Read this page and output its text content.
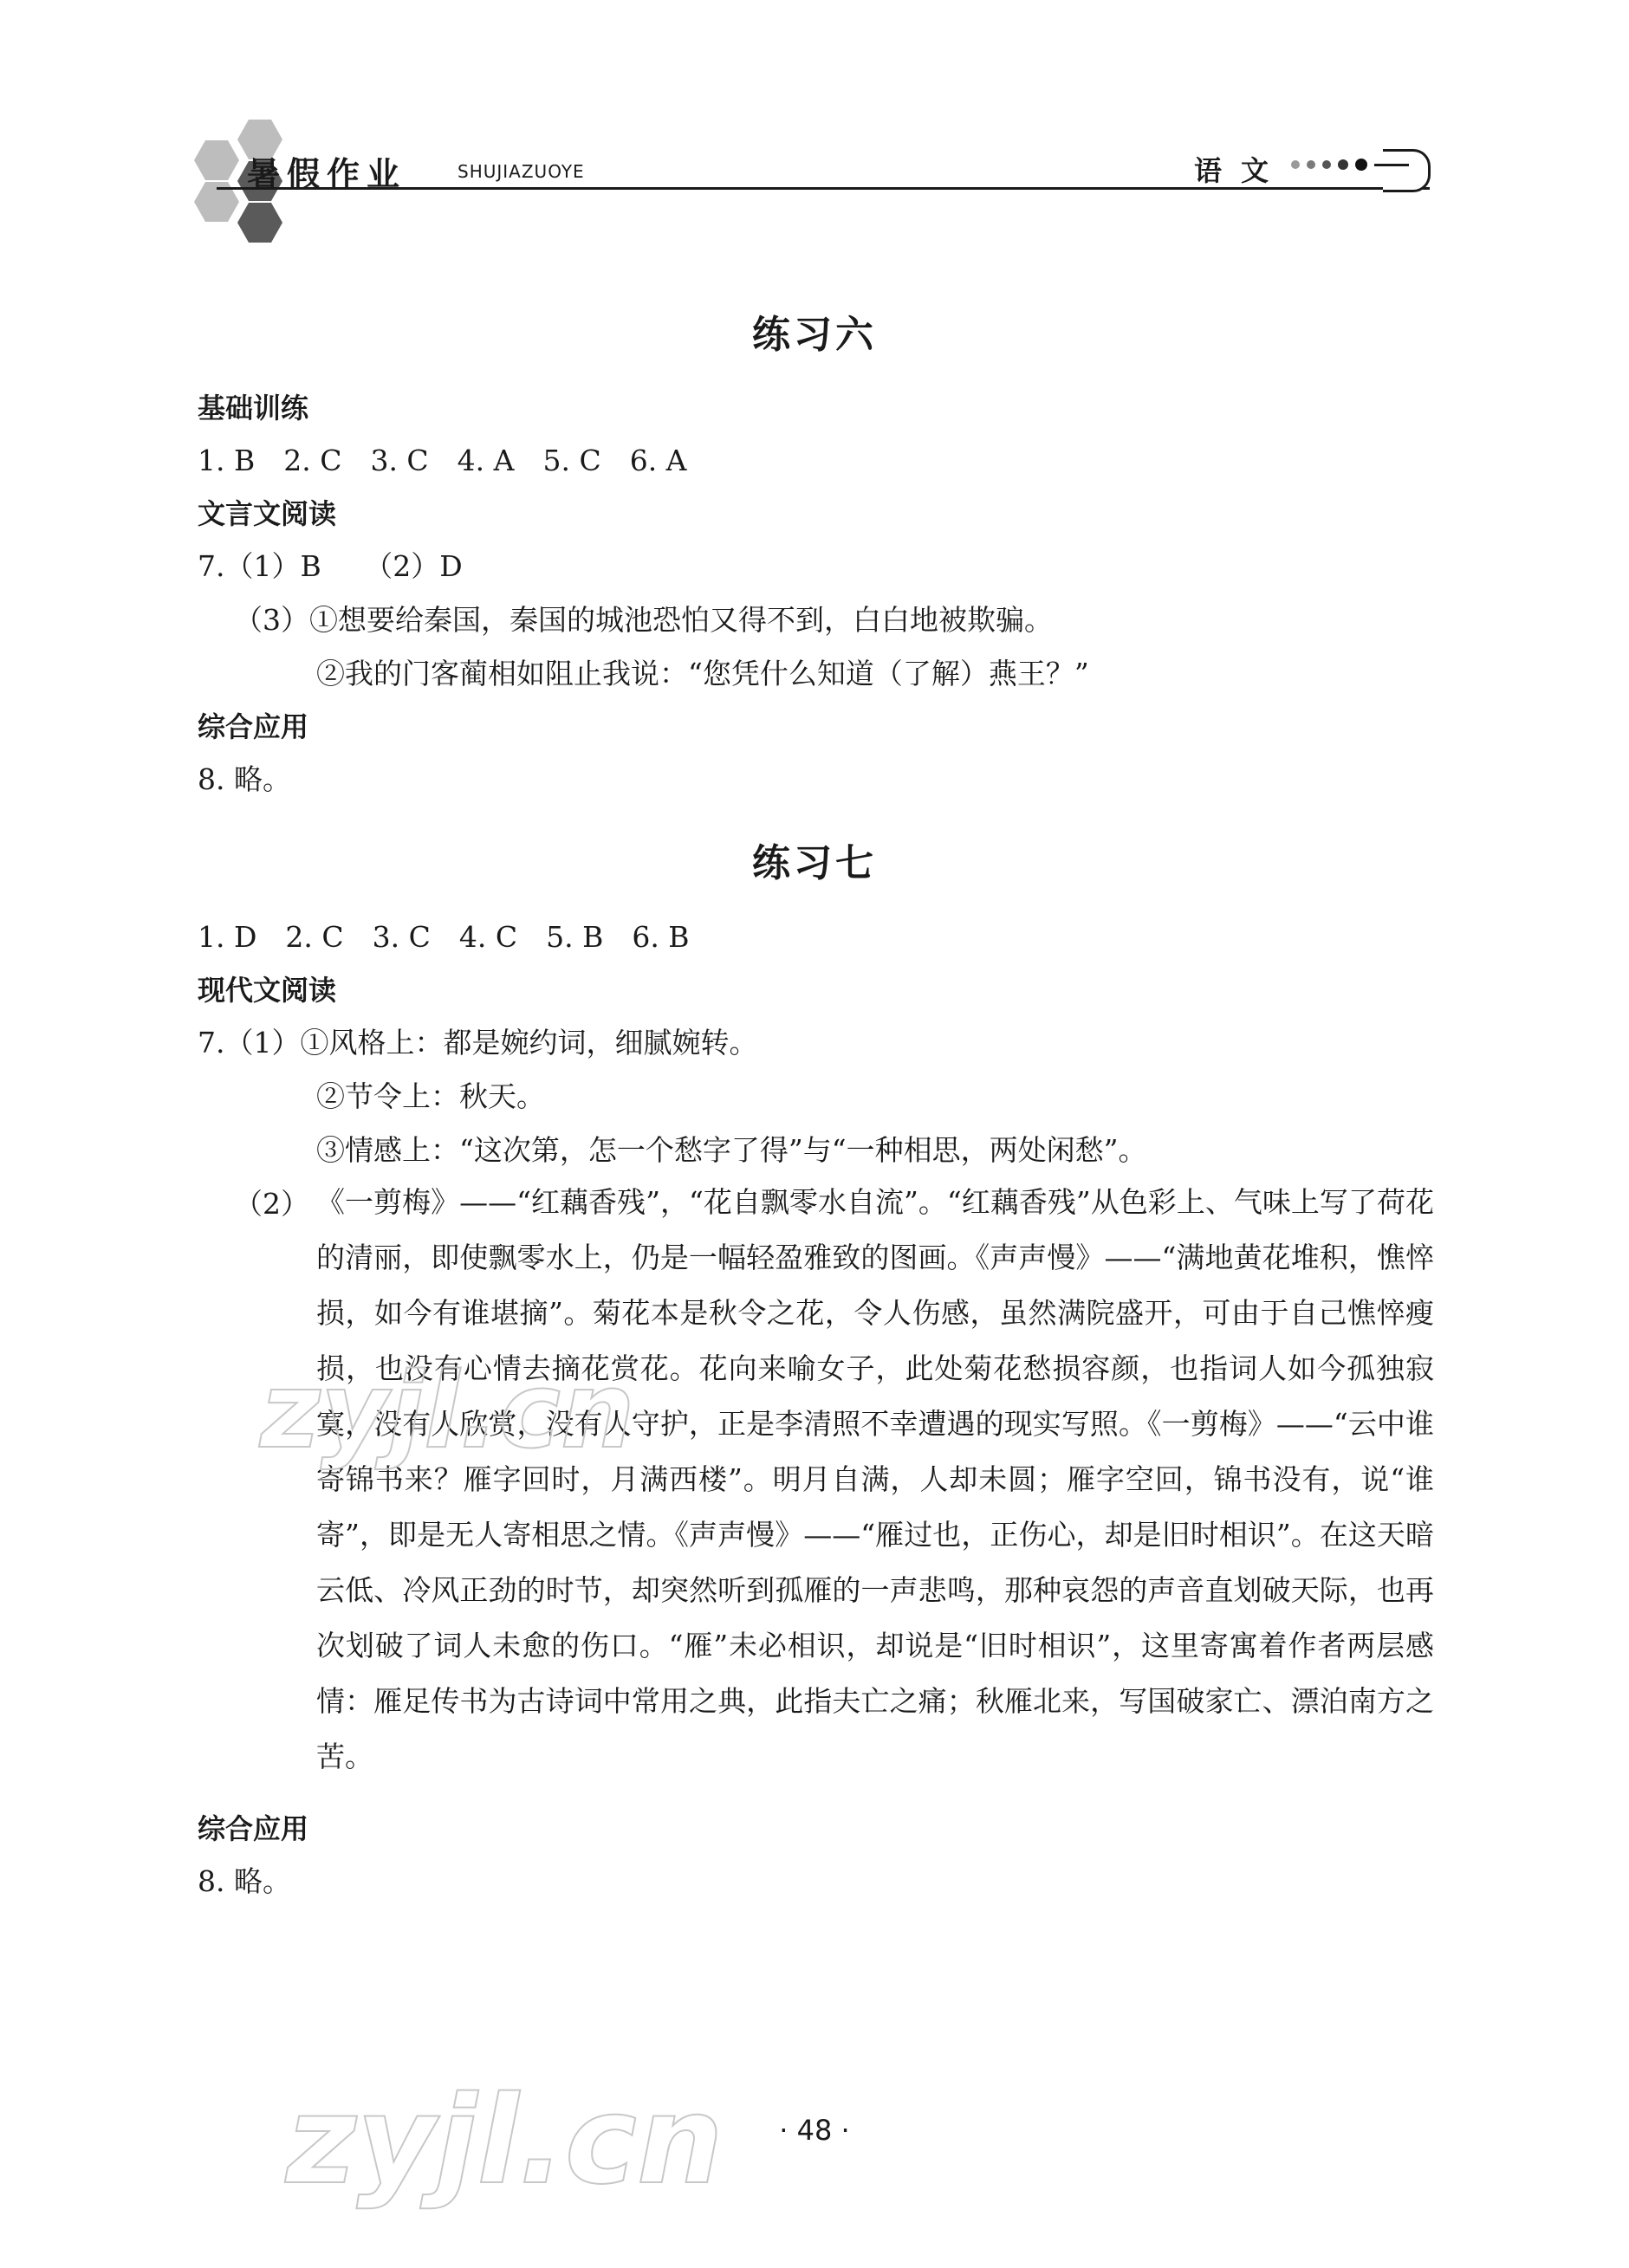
暑假作业	SHUJIAZUOYE	语文
练习六
基础训练
1. B　2. C　3. C　4. A　5. C　6. A
文言文阅读
7.（1）B　　（2）D
（3）①想要给秦国，秦国的城池恐怕又得不到，白白地被欺骗。
②我的门客蔺相如阻止我说：“您凭什么知道（了解）燕王？”
综合应用
8. 略。
练习七
1. D　2. C　3. C　4. C　5. B　6. B
现代文阅读
7.（1）①风格上：都是婉约词，细腻婉转。
②节令上：秋天。
③情感上：“这次第，怎一个愁字了得”与“一种相思，两处闲愁”。
（2） 《一剪梅》——“红藕香残”，“花自飘零水自流”。“红藕香残”从色彩上、气味上写了荷花的清丽，即使飘零水上，仍是一幅轻盈雅致的图画。《声声慢》——“满地黄花堆积，憔悴损，如今有谁堪摘”。菊花本是秋令之花，令人伤感，虽然满院盛开，可由于自己憔悴瘦损，也没有心情去摘花赏花。花向来喻女子，此处菊花愁损容颜，也指词人如今孤独寂寞，没有人欣赏，没有人守护，正是李清照不幸遭遇的现实写照。《一剪梅》——“云中谁寄锦书来？雁字回时，月满西楼”。明月自满，人却未圆；雁字空回，锦书没有，说“谁寄”，即是无人寄相思之情。《声声慢》——“雁过也，正伤心，却是旧时相识”。在这天暗云低、冷风正劲的时节，却突然听到孤雁的一声悲鸣，那种哀怨的声音直划破天际，也再次划破了词人未愈的伤口。“雁”未必相识，却说是“旧时相识”，这里寄寓着作者两层感情：雁足传书为古诗词中常用之典，此指夫亡之痛；秋雁北来，写国破家亡、漂泊南方之苦。
综合应用
8. 略。
zyjl.cn
zyjl.cn	· 48 ·
